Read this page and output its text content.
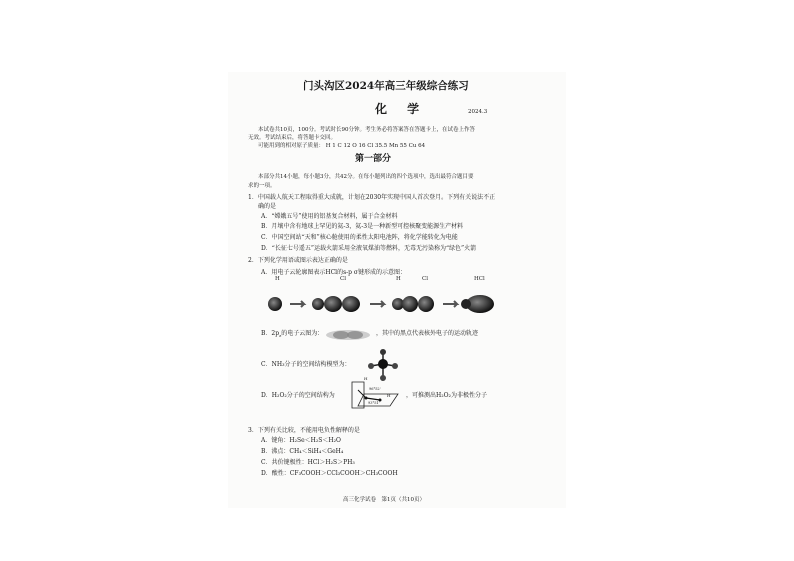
门头沟区2024年高三年级综合练习
化 学	2024.3
本试卷共10页，100分。考试时长90分钟。考生务必将答案答在答题卡上，在试卷上作答
无效。考试结束后，将答题卡交回。
可能用到的相对原子质量： H 1 C 12 O 16 Cl 35.5 Mn 55 Cu 64
第一部分
本部分共14小题，每小题3分，共42分。在每小题列出的四个选项中，选出最符合题目要
求的一项。
1．中国载人航天工程取得重大成就，计划在2030年实现中国人首次登月。下列有关说法不正
确的是
A．“嫦娥五号”使用的铝基复合材料，属于合金材料
B．月壤中含有地球上罕见的氦-3，氦-3是一种新型可控核聚变能源生产材料
C．中国空间站“天和”核心舱使用的柔性太阳电池阵，将化学能转化为电能
D．“长征七号遥五”运载火箭采用全液氧煤油等燃料，无毒无污染称为“绿色”火箭
2．下列化学用语或图示表达正确的是
A．用电子云轮廓图表示HCl的s-p σ键形成的示意图：
H	Cl	H	Cl	HCl
B．$2p_z$的电子云图为：	，其中的黑点代表核外电子的运动轨迹
C．NH₃分子的空间结构模型为：
D．H₂O₂分子的空间结构为
H
96°52'
H
93°51'
，可推测出H₂O₂为非极性分子
3．下列有关比较，不能用电负性解释的是
A．键角：H₂Se＜H₂S＜H₂O
B．沸点：CH₄＜SiH₄＜GeH₄
C．共价键极性：HCl＞H₂S＞PH₃
D．酸性：CF₃COOH＞CCl₃COOH＞CH₃COOH
高三化学试卷　第1页（共10页）
